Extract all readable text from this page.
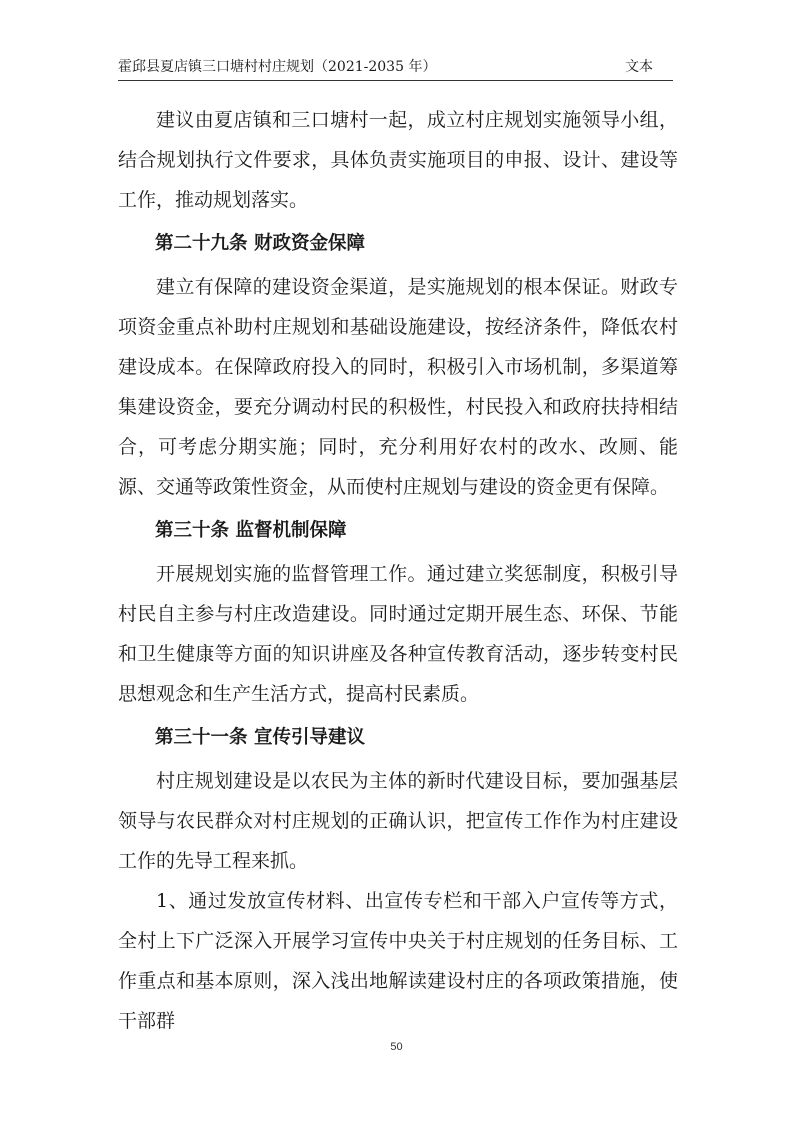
霍邱县夏店镇三口塘村村庄规划（2021-2035 年）	文本

建议由夏店镇和三口塘村一起，成立村庄规划实施领导小组，结合规划执行文件要求，具体负责实施项目的申报、设计、建设等工作，推动规划落实。

第二十九条 财政资金保障

建立有保障的建设资金渠道，是实施规划的根本保证。财政专项资金重点补助村庄规划和基础设施建设，按经济条件，降低农村建设成本。在保障政府投入的同时，积极引入市场机制，多渠道筹集建设资金，要充分调动村民的积极性，村民投入和政府扶持相结合，可考虑分期实施；同时，充分利用好农村的改水、改厕、能源、交通等政策性资金，从而使村庄规划与建设的资金更有保障。

第三十条 监督机制保障

开展规划实施的监督管理工作。通过建立奖惩制度，积极引导村民自主参与村庄改造建设。同时通过定期开展生态、环保、节能和卫生健康等方面的知识讲座及各种宣传教育活动，逐步转变村民思想观念和生产生活方式，提高村民素质。

第三十一条 宣传引导建议

村庄规划建设是以农民为主体的新时代建设目标，要加强基层领导与农民群众对村庄规划的正确认识，把宣传工作作为村庄建设工作的先导工程来抓。

1、通过发放宣传材料、出宣传专栏和干部入户宣传等方式，全村上下广泛深入开展学习宣传中央关于村庄规划的任务目标、工作重点和基本原则，深入浅出地解读建设村庄的各项政策措施，使干部群

50
